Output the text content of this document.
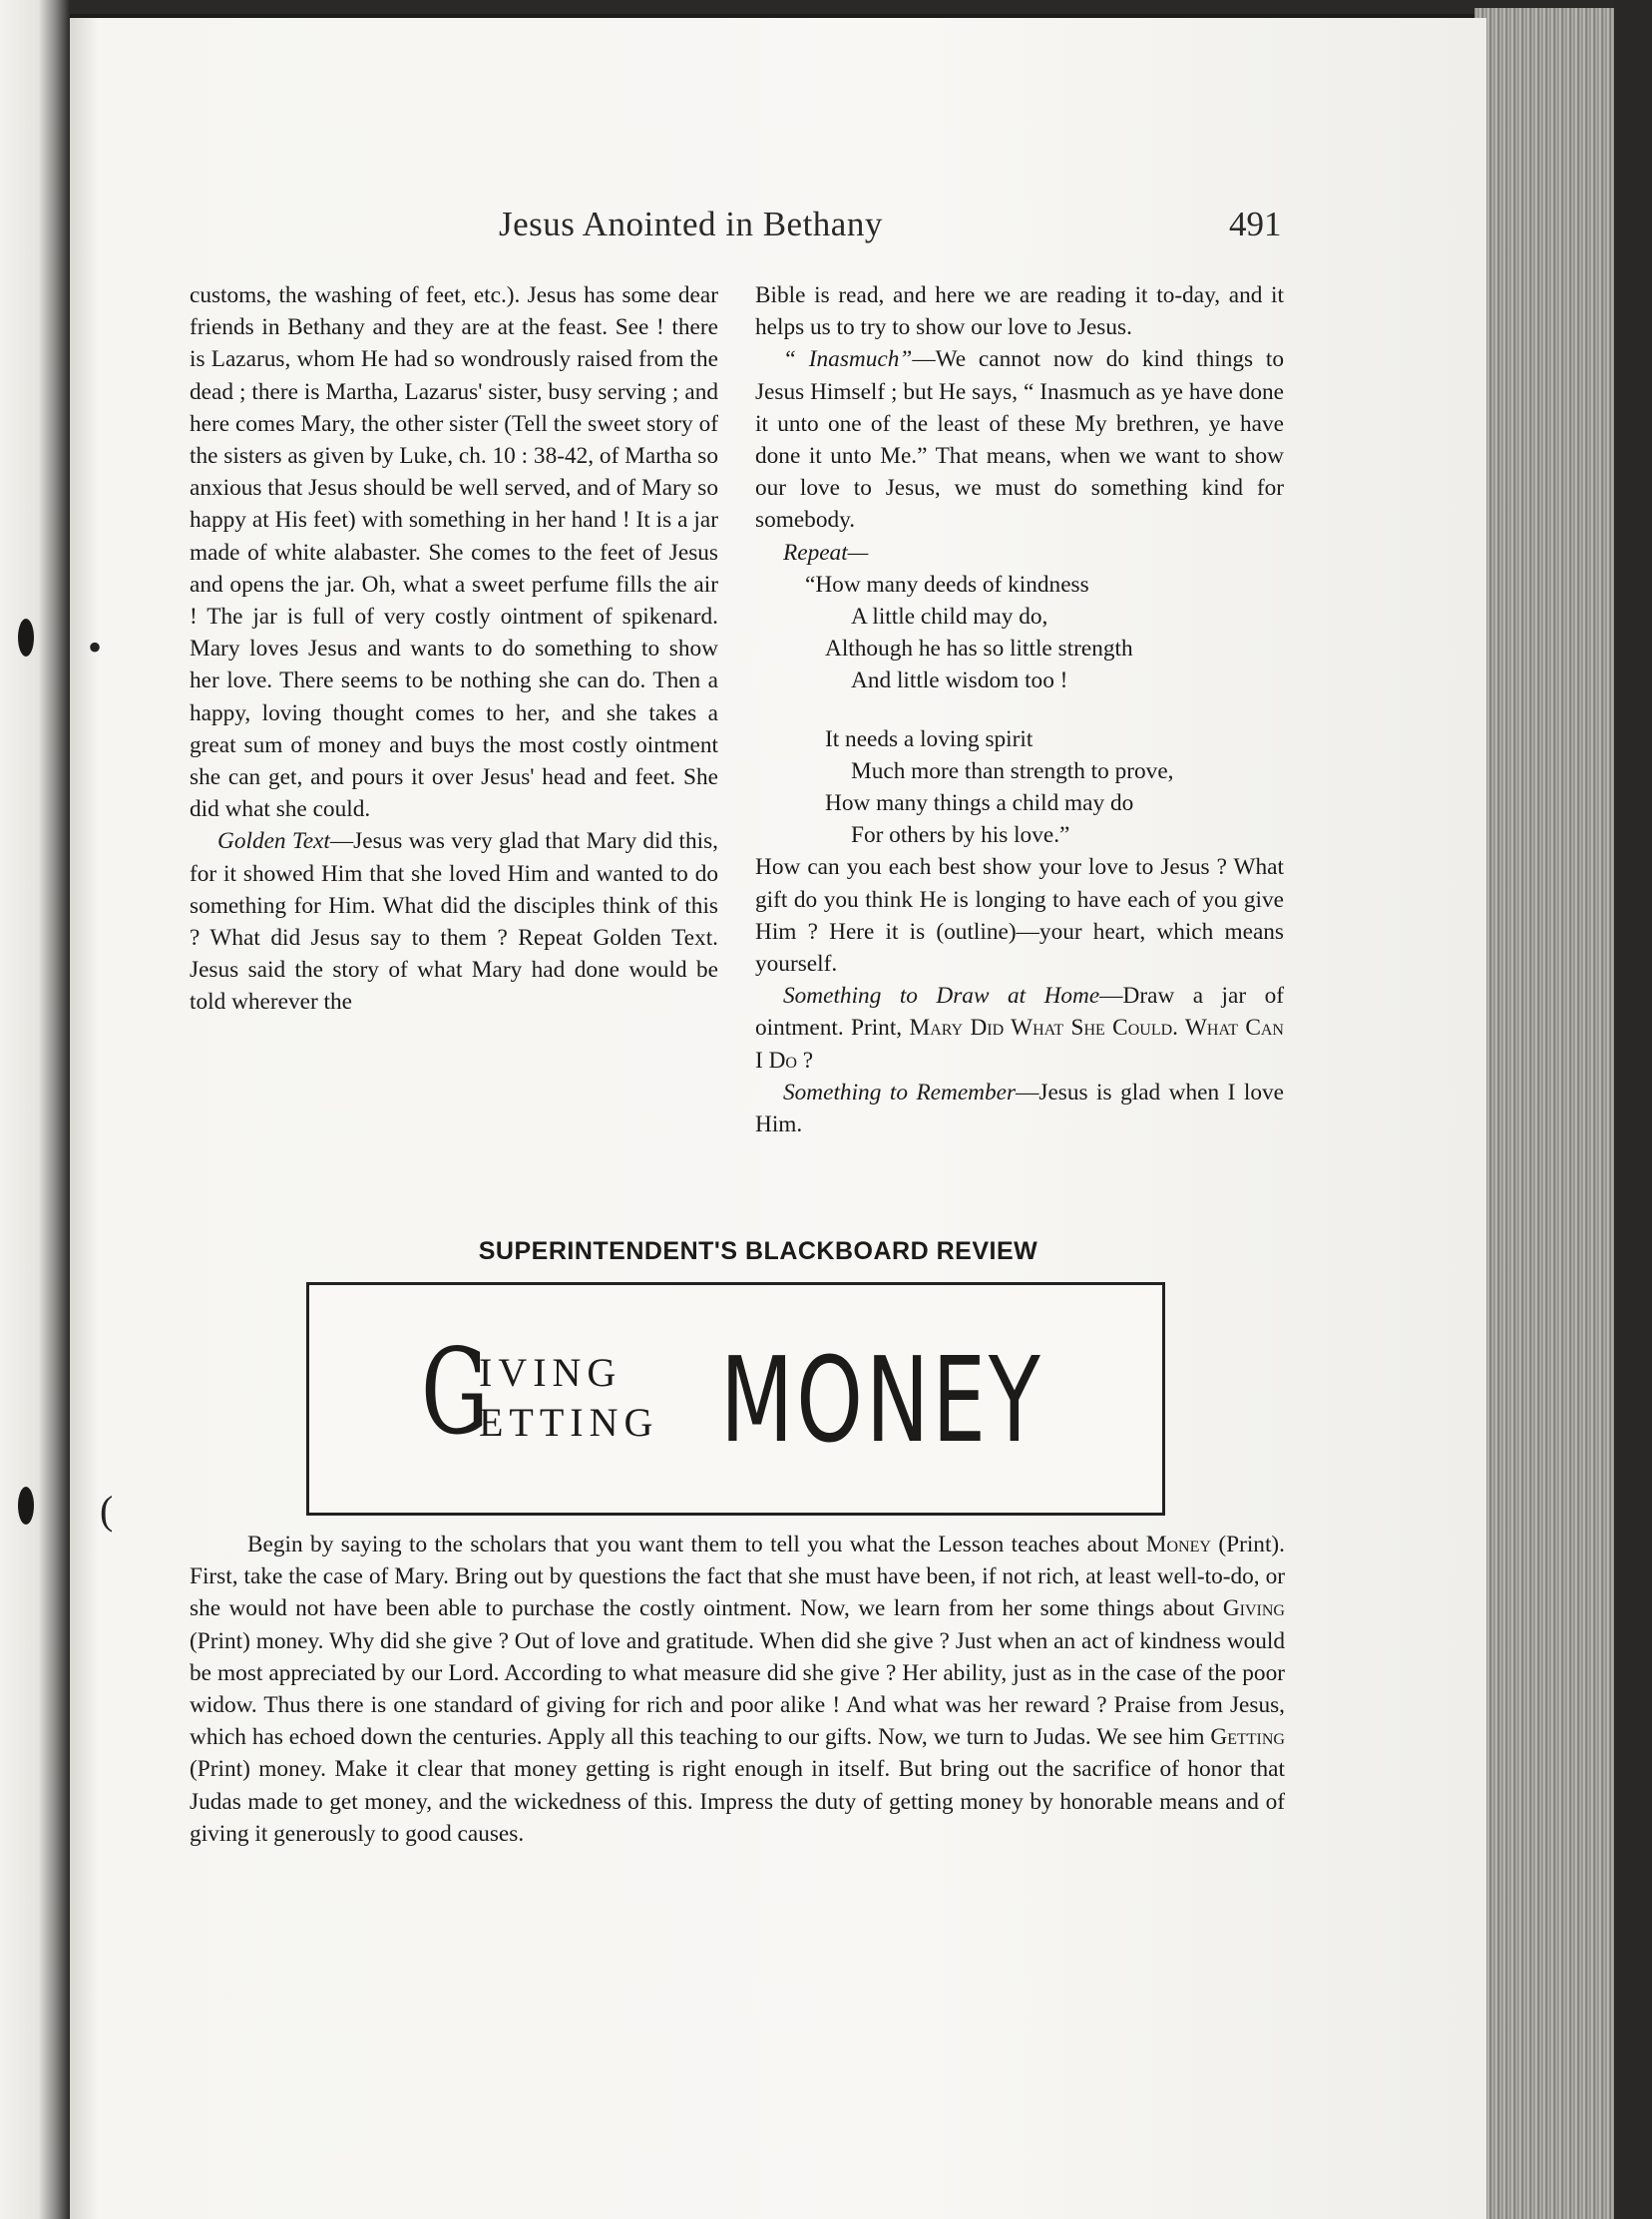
•
(
Jesus Anointed in Bethany	491

customs, the washing of feet, etc.). Jesus has some dear friends in Bethany and they are at the feast. See ! there is Lazarus, whom He had so wondrously raised from the dead ; there is Martha, Lazarus' sister, busy serving ; and here comes Mary, the other sister (Tell the sweet story of the sisters as given by Luke, ch. 10 : 38-42, of Martha so anxious that Jesus should be well served, and of Mary so happy at His feet) with something in her hand ! It is a jar made of white alabaster. She comes to the feet of Jesus and opens the jar. Oh, what a sweet perfume fills the air ! The jar is full of very costly ointment of spikenard. Mary loves Jesus and wants to do something to show her love. There seems to be nothing she can do. Then a happy, loving thought comes to her, and she takes a great sum of money and buys the most costly ointment she can get, and pours it over Jesus' head and feet. She did what she could.

Golden Text—Jesus was very glad that Mary did this, for it showed Him that she loved Him and wanted to do something for Him. What did the disciples think of this ? What did Jesus say to them ? Repeat Golden Text. Jesus said the story of what Mary had done would be told wherever the

Bible is read, and here we are reading it to-day, and it helps us to try to show our love to Jesus.

“ Inasmuch”—We cannot now do kind things to Jesus Himself ; but He says, “ Inasmuch as ye have done it unto one of the least of these My brethren, ye have done it unto Me.” That means, when we want to show our love to Jesus, we must do something kind for somebody.

Repeat—

“How many deeds of kindness
A little child may do,
Although he has so little strength
And little wisdom too !
It needs a loving spirit
Much more than strength to prove,
How many things a child may do
For others by his love.”

How can you each best show your love to Jesus ? What gift do you think He is longing to have each of you give Him ? Here it is (outline)—your heart, which means yourself.

Something to Draw at Home—Draw a jar of ointment. Print, Mary Did What She Could. What Can I Do ?

Something to Remember—Jesus is glad when I love Him.

SUPERINTENDENT'S BLACKBOARD REVIEW
G
IVING
ETTING MONEY

Begin by saying to the scholars that you want them to tell you what the Lesson teaches about Money (Print). First, take the case of Mary. Bring out by questions the fact that she must have been, if not rich, at least well-to-do, or she would not have been able to purchase the costly ointment. Now, we learn from her some things about Giving (Print) money. Why did she give ? Out of love and gratitude. When did she give ? Just when an act of kindness would be most appreciated by our Lord. According to what measure did she give ? Her ability, just as in the case of the poor widow. Thus there is one standard of giving for rich and poor alike ! And what was her reward ? Praise from Jesus, which has echoed down the centuries. Apply all this teaching to our gifts. Now, we turn to Judas. We see him Getting (Print) money. Make it clear that money getting is right enough in itself. But bring out the sacrifice of honor that Judas made to get money, and the wickedness of this. Impress the duty of getting money by honorable means and of giving it generously to good causes.
